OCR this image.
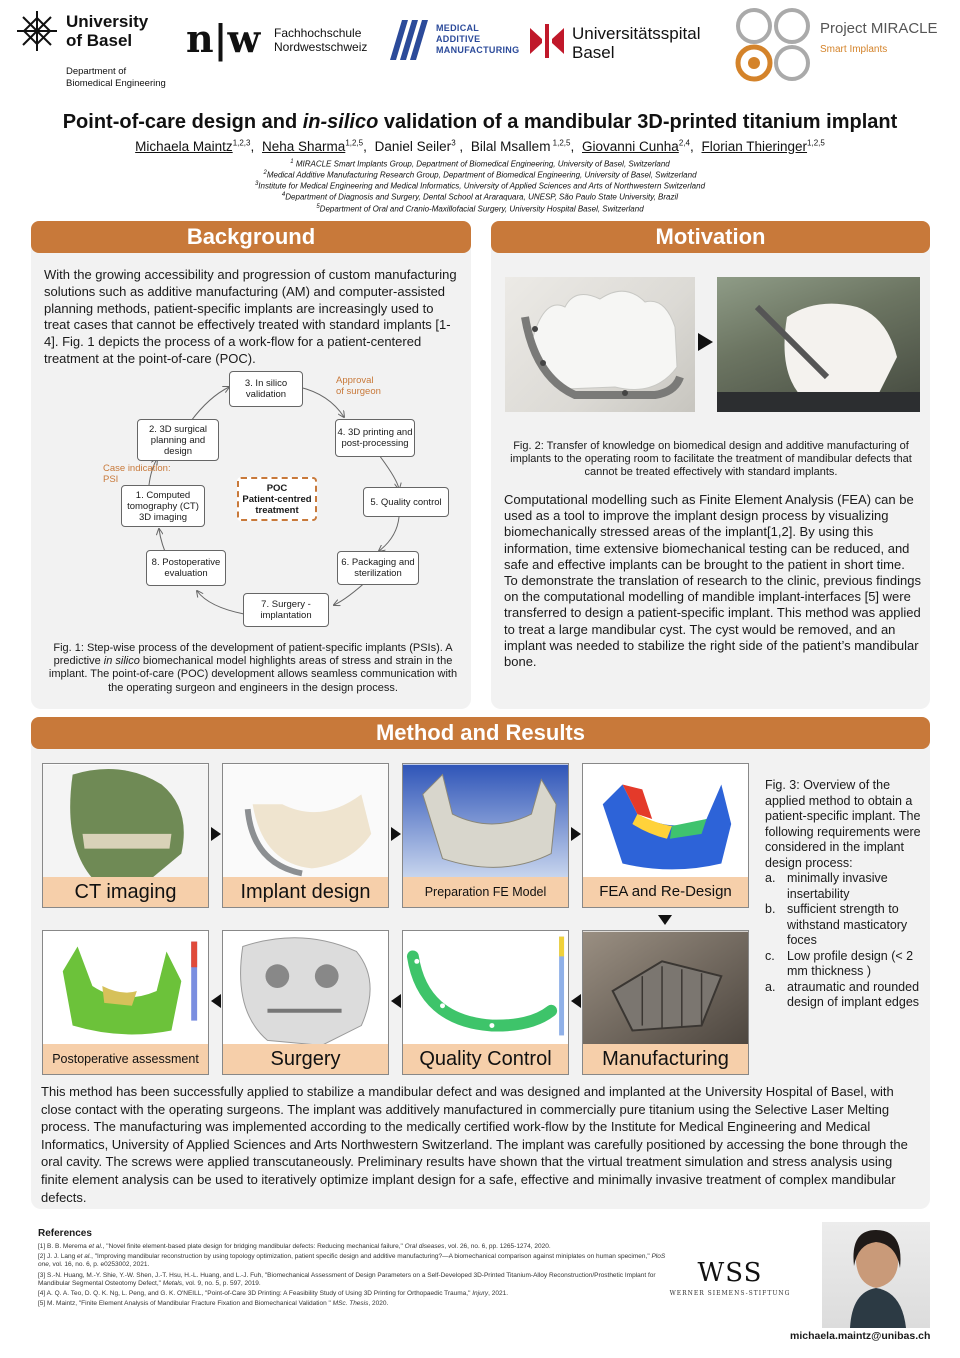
University
of Basel
Department of
Biomedical Engineering
n|w Fachhochschule
Nordwestschweiz
MEDICAL
ADDITIVE
MANUFACTURING
Universitätsspital
Basel
Project MIRACLE
Smart Implants
Point-of-care design and in-silico validation of a mandibular 3D-printed titanium implant
Michaela Maintz$^{1,2,3}$, Neha Sharma$^{1,2,5}$, Daniel Seiler$^3$ , Bilal Msallem $^{1,2,5}$, Giovanni Cunha$^{2,4}$, Florian Thieringer$^{1,2,5}$
$^1$ MIRACLE Smart Implants Group, Department of Biomedical Engineering, University of Basel, Switzerland
$^2$Medical Additive Manufacturing Research Group, Department of Biomedical Engineering, University of Basel, Switzerland
$^3$Institute for Medical Engineering and Medical Informatics, University of Applied Sciences and Arts of Northwestern Switzerland
$^4$Department of Diagnosis and Surgery, Dental School at Araraquara, UNESP, São Paulo State University, Brazil
$^5$Department of Oral and Cranio-Maxillofacial Surgery, University Hospital Basel, Switzerland
Background
With the growing accessibility and progression of custom manufacturing solutions such as additive manufacturing (AM) and computer-assisted planning methods, patient-specific implants are increasingly used to treat cases that cannot be effectively treated with standard implants [1-4]. Fig. 1 depicts the process of a work-flow for a patient-centered treatment at the point-of-care (POC).
3. In silico validation
4. 3D printing and post-processing
5. Quality control
6. Packaging and sterilization
7. Surgery - implantation
8. Postoperative evaluation
1. Computed tomography (CT) 3D imaging
2. 3D surgical planning and design
POC
Patient-centred treatment
Approval
of surgeon
Case indication:
PSI
Fig. 1: Step-wise process of the development of patient-specific implants (PSIs). A predictive in silico biomechanical model highlights areas of stress and strain in the implant. The point-of-care (POC) development allows seamless communication with the operating surgeon and engineers in the design process.
Motivation
Fig. 2: Transfer of knowledge on biomedical design and additive manufacturing of implants to the operating room to facilitate the treatment of mandibular defects that cannot be treated effectively with standard implants.
Computational modelling such as Finite Element Analysis (FEA) can be used as a tool to improve the implant design process by visualizing biomechanically stressed areas of the implant[1,2]. By using this information, time extensive biomechanical testing can be reduced, and safe and effective implants can be brought to the patient in short time.
To demonstrate the translation of research to the clinic, previous findings on the computational modelling of mandible implant-interfaces [5] were transferred to design a patient-specific implant. This method was applied to treat a large mandibular cyst. The cyst would be removed, and an implant was needed to stabilize the right side of the patient’s mandibular bone.
Method and Results
CT imaging	Implant design	Preparation FE Model	FEA and Re-Design
Postoperative assessment	Surgery	Quality Control	Manufacturing
Fig. 3: Overview of the applied method to obtain a patient-specific implant. The following requirements were considered in the implant design process:
a. minimally invasive insertability
b. sufficient strength to withstand masticatory foces
c. Low profile design (< 2 mm thickness )
a. atraumatic and rounded design of implant edges
This method has been successfully applied to stabilize a mandibular defect and was designed and implanted at the University Hospital of Basel, with close contact with the operating surgeons. The implant was additively manufactured in commercially pure titanium using the Selective Laser Melting process. The manufacturing was implemented according to the medically certified work-flow by the Institute for Medical Engineering and Medical Informatics, University of Applied Sciences and Arts Northwestern Switzerland. The implant was carefully positioned by accessing the bone through the oral cavity. The screws were applied transcutaneously. Preliminary results have shown that the virtual treatment simulation and stress analysis using finite element analysis can be used to iteratively optimize implant design for a safe, effective and minimally invasive treatment of complex mandibular defects.
References

[1] B. B. Merema et al., "Novel finite element-based plate design for bridging mandibular defects: Reducing mechanical failure," Oral diseases, vol. 26, no. 6, pp. 1265-1274, 2020.

[2] J. J. Lang et al., "Improving mandibular reconstruction by using topology optimization, patient specific design and additive manufacturing?—A biomechanical comparison against miniplates on human specimen," PloS one, vol. 16, no. 6, p. e0253002, 2021.

[3] S.-N. Huang, M.-Y. Shie, Y.-W. Shen, J.-T. Hsu, H.-L. Huang, and L.-J. Fuh, "Biomechanical Assessment of Design Parameters on a Self-Developed 3D-Printed Titanium-Alloy Reconstruction/Prosthetic Implant for Mandibular Segmental Osteotomy Defect," Metals, vol. 9, no. 5, p. 597, 2019.

[4] A. Q. A. Teo, D. Q. K. Ng, L. Peng, and G. K. O'NEILL, "Point-of-Care 3D Printing: A Feasibility Study of Using 3D Printing for Orthopaedic Trauma," Injury, 2021.

[5] M. Maintz, "Finite Element Analysis of Mandibular Fracture Fixation and Biomechanical Validation " MSc. Thesis, 2020.

WSS
WERNER SIEMENS-STIFTUNG
michaela.maintz@unibas.ch
